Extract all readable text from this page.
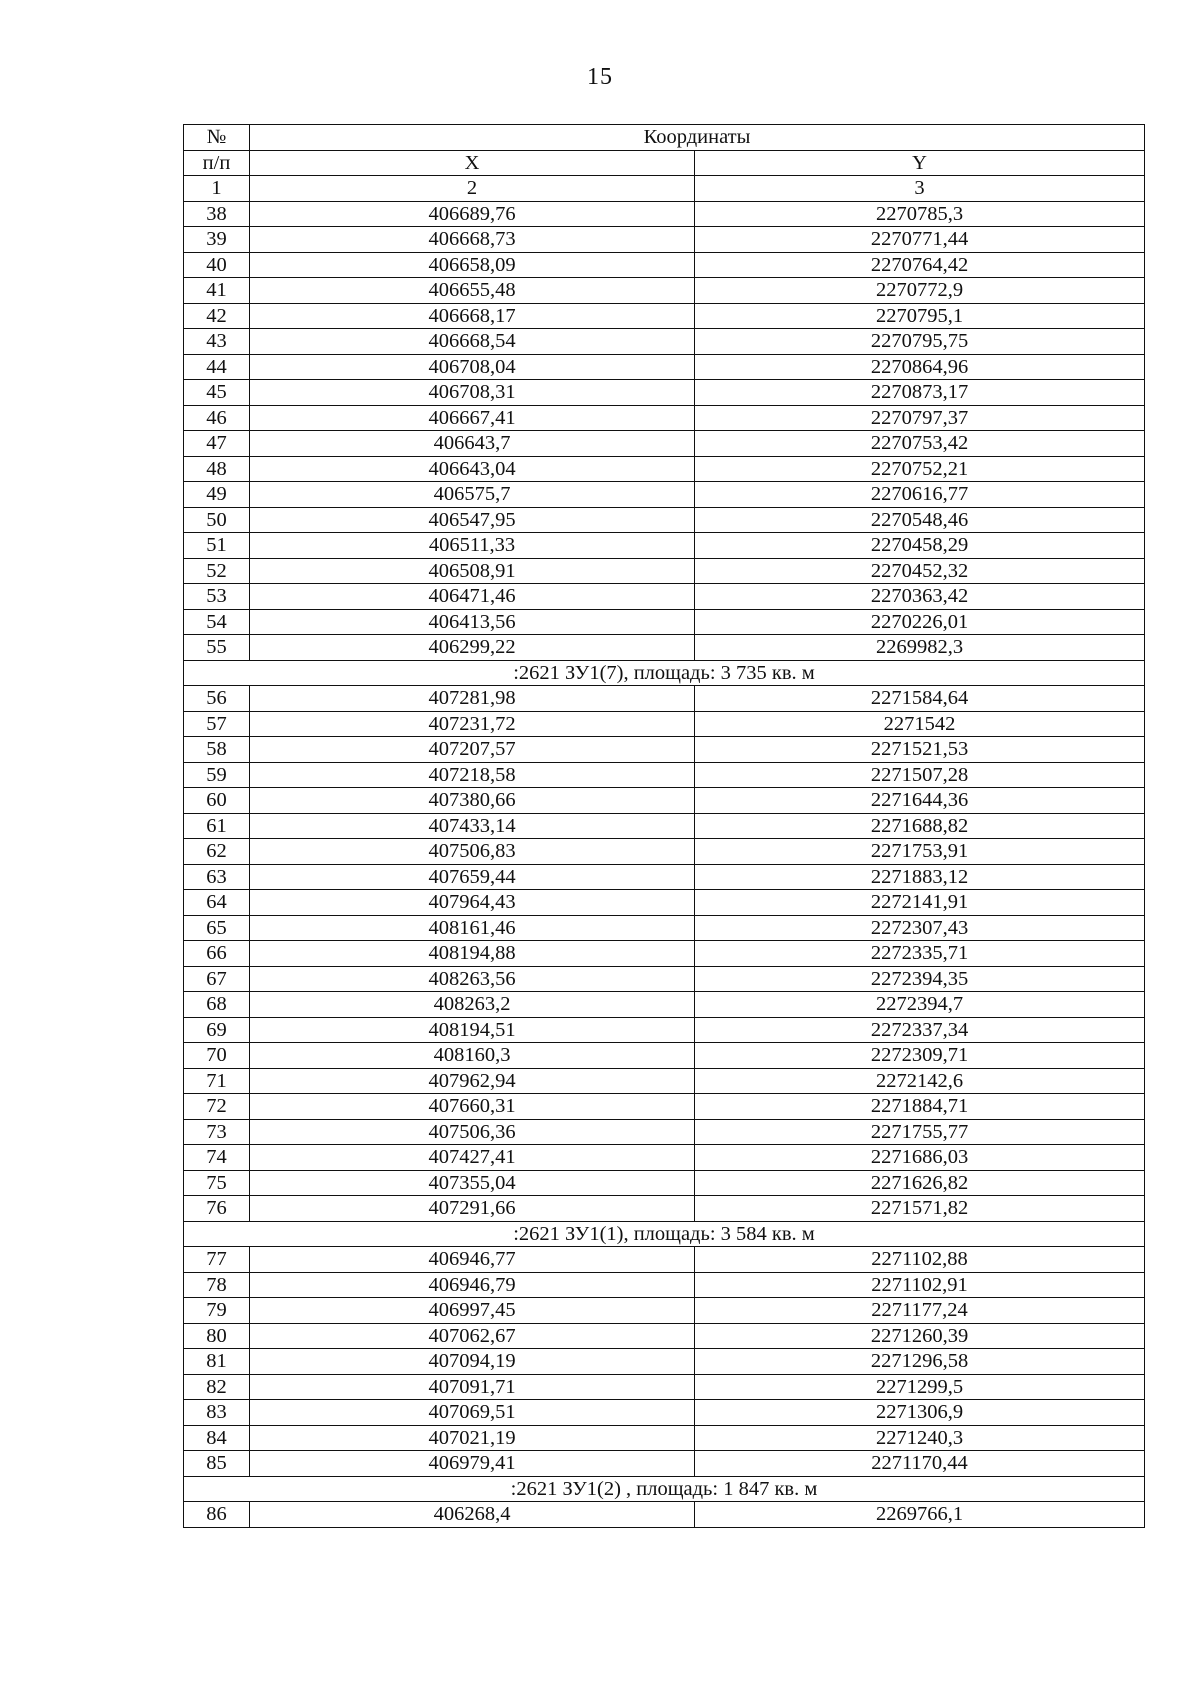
15
№	Координаты	
п/п	X	Y
1	2	3
38	406689,76	2270785,3
39	406668,73	2270771,44
40	406658,09	2270764,42
41	406655,48	2270772,9
42	406668,17	2270795,1
43	406668,54	2270795,75
44	406708,04	2270864,96
45	406708,31	2270873,17
46	406667,41	2270797,37
47	406643,7	2270753,42
48	406643,04	2270752,21
49	406575,7	2270616,77
50	406547,95	2270548,46
51	406511,33	2270458,29
52	406508,91	2270452,32
53	406471,46	2270363,42
54	406413,56	2270226,01
55	406299,22	2269982,3
:2621 ЗУ1(7), площадь: 3 735 кв. м		
56	407281,98	2271584,64
57	407231,72	2271542
58	407207,57	2271521,53
59	407218,58	2271507,28
60	407380,66	2271644,36
61	407433,14	2271688,82
62	407506,83	2271753,91
63	407659,44	2271883,12
64	407964,43	2272141,91
65	408161,46	2272307,43
66	408194,88	2272335,71
67	408263,56	2272394,35
68	408263,2	2272394,7
69	408194,51	2272337,34
70	408160,3	2272309,71
71	407962,94	2272142,6
72	407660,31	2271884,71
73	407506,36	2271755,77
74	407427,41	2271686,03
75	407355,04	2271626,82
76	407291,66	2271571,82
:2621 ЗУ1(1), площадь: 3 584 кв. м		
77	406946,77	2271102,88
78	406946,79	2271102,91
79	406997,45	2271177,24
80	407062,67	2271260,39
81	407094,19	2271296,58
82	407091,71	2271299,5
83	407069,51	2271306,9
84	407021,19	2271240,3
85	406979,41	2271170,44
:2621 ЗУ1(2) , площадь: 1 847 кв. м		
86	406268,4	2269766,1
